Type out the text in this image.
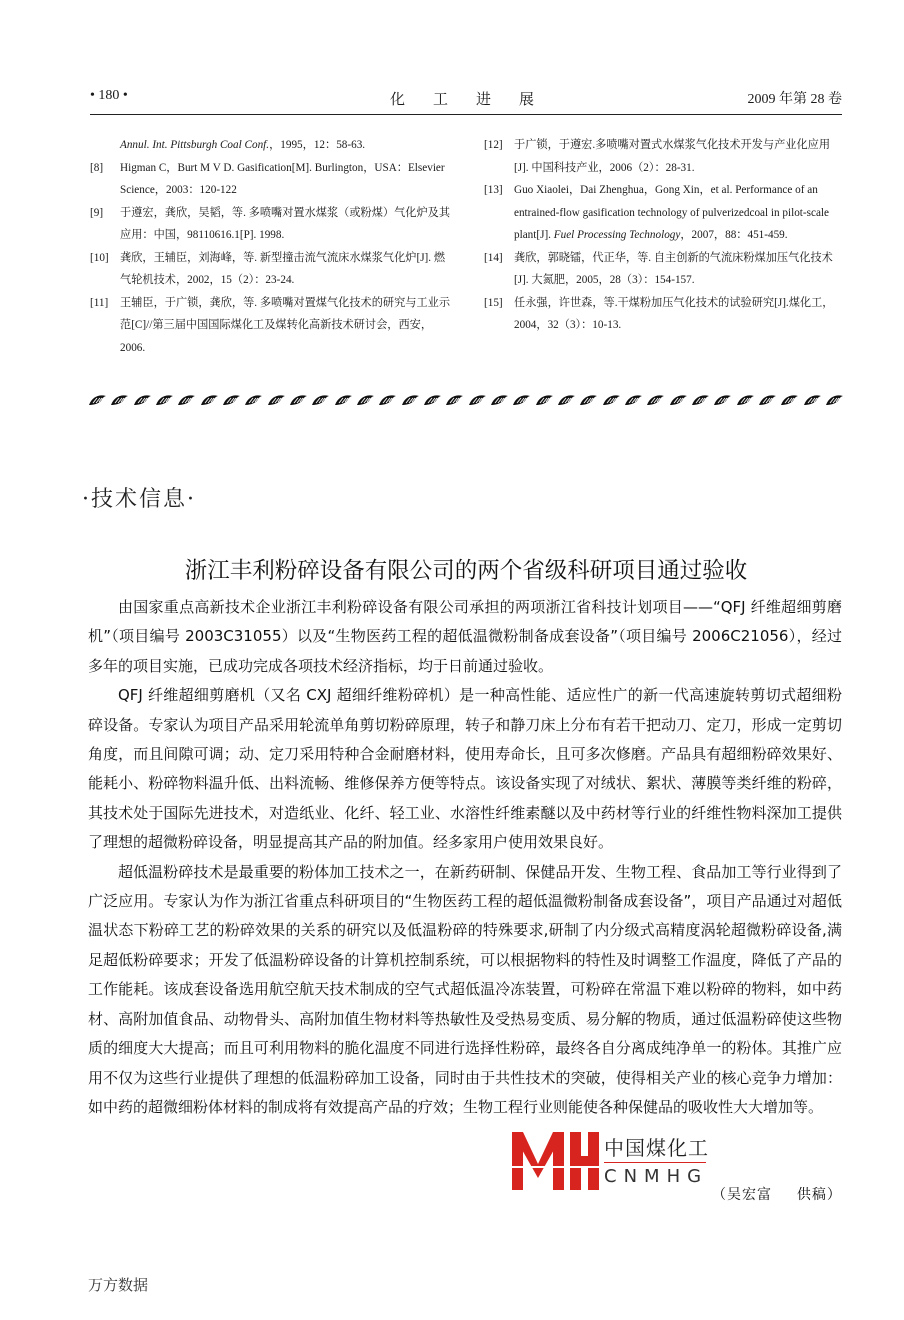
• 180 •	化工进展	2009 年第 28 卷
Annul. Int. Pittsburgh Coal Conf.，1995，12：58-63.
[8] Higman C，Burt M V D. Gasification[M]. Burlington，USA：Elsevier Science，2003：120-122
[9] 于遵宏，龚欣，吴韬，等. 多喷嘴对置水煤浆（或粉煤）气化炉及其应用：中国，98110616.1[P]. 1998.
[10] 龚欣，王辅臣，刘海峰，等. 新型撞击流气流床水煤浆气化炉[J]. 燃气轮机技术，2002，15（2）：23-24.
[11] 王辅臣，于广锁，龚欣，等. 多喷嘴对置煤气化技术的研究与工业示范[C]//第三届中国国际煤化工及煤转化高新技术研讨会，西安，2006.
[12] 于广锁，于遵宏.多喷嘴对置式水煤浆气化技术开发与产业化应用[J]. 中国科技产业，2006（2）：28-31.
[13] Guo Xiaolei，Dai Zhenghua，Gong Xin，et al. Performance of an entrained-flow gasification technology of pulverizedcoal in pilot-scale plant[J]. Fuel Processing Technology，2007，88：451-459.
[14] 龚欣，郭晓镭，代正华，等. 自主创新的气流床粉煤加压气化技术[J]. 大氮肥，2005，28（3）：154-157.
[15] 任永强，许世森，等.干煤粉加压气化技术的试验研究[J].煤化工，2004，32（3）：10-13.
·技术信息·
浙江丰利粉碎设备有限公司的两个省级科研项目通过验收

由国家重点高新技术企业浙江丰利粉碎设备有限公司承担的两项浙江省科技计划项目——“QFJ 纤维超细剪磨机”（项目编号 2003C31055）以及“生物医药工程的超低温微粉制备成套设备”（项目编号 2006C21056），经过多年的项目实施，已成功完成各项技术经济指标，均于日前通过验收。

QFJ 纤维超细剪磨机（又名 CXJ 超细纤维粉碎机）是一种高性能、适应性广的新一代高速旋转剪切式超细粉碎设备。专家认为项目产品采用轮流单角剪切粉碎原理，转子和静刀床上分布有若干把动刀、定刀，形成一定剪切角度，而且间隙可调；动、定刀采用特种合金耐磨材料，使用寿命长，且可多次修磨。产品具有超细粉碎效果好、能耗小、粉碎物料温升低、出料流畅、维修保养方便等特点。该设备实现了对绒状、絮状、薄膜等类纤维的粉碎，其技术处于国际先进技术，对造纸业、化纤、轻工业、水溶性纤维素醚以及中药材等行业的纤维性物料深加工提供了理想的超微粉碎设备，明显提高其产品的附加值。经多家用户使用效果良好。

超低温粉碎技术是最重要的粉体加工技术之一，在新药研制、保健品开发、生物工程、食品加工等行业得到了广泛应用。专家认为作为浙江省重点科研项目的“生物医药工程的超低温微粉制备成套设备”，项目产品通过对超低温状态下粉碎工艺的粉碎效果的关系的研究以及低温粉碎的特殊要求,研制了内分级式高精度涡轮超微粉碎设备,满足超低粉碎要求；开发了低温粉碎设备的计算机控制系统，可以根据物料的特性及时调整工作温度，降低了产品的工作能耗。该成套设备选用航空航天技术制成的空气式超低温冷冻装置，可粉碎在常温下难以粉碎的物料，如中药材、高附加值食品、动物骨头、高附加值生物材料等热敏性及受热易变质、易分解的物质，通过低温粉碎使这些物质的细度大大提高；而且可利用物料的脆化温度不同进行选择性粉碎，最终各自分离成纯净单一的粉体。其推广应用不仅为这些行业提供了理想的低温粉碎加工设备，同时由于共性技术的突破，使得相关产业的核心竞争力增加：如中药的超微细粉体材料的制成将有效提高产品的疗效；生物工程行业则能使各种保健品的吸收性大大增加等。

中国煤化工
CNMHG
（吴宏富 供稿）
万方数据
